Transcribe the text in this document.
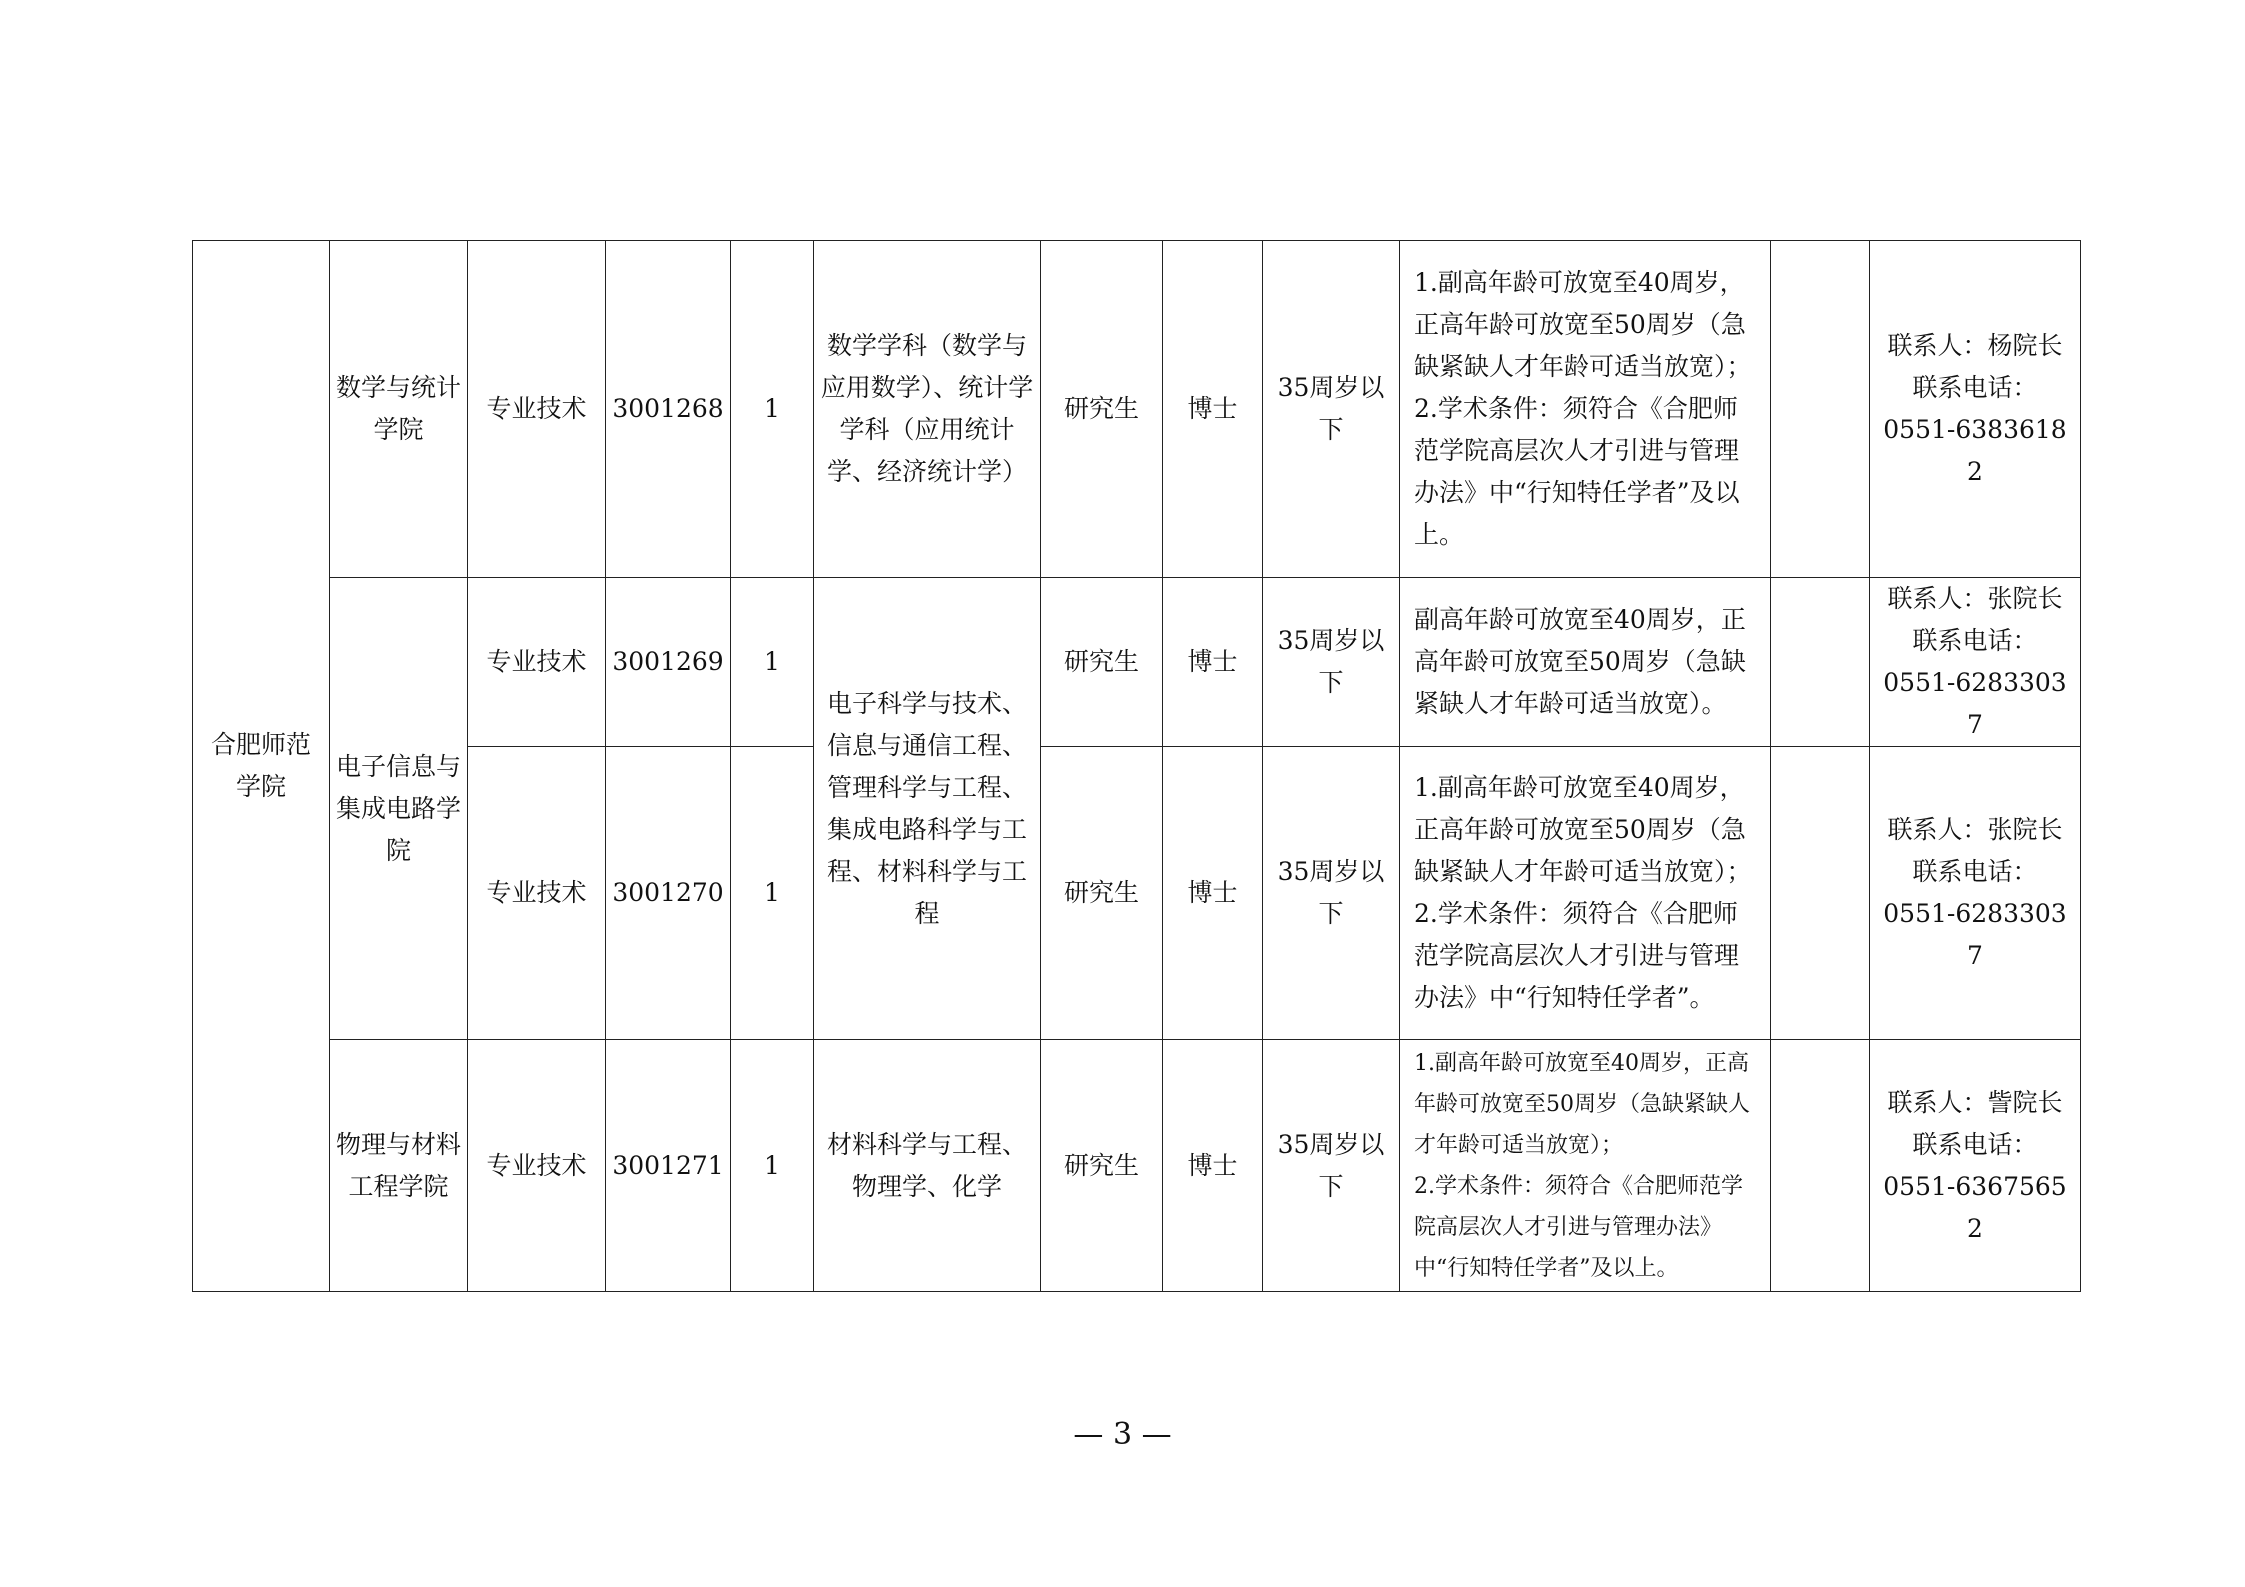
合肥师范学院	数学与统计学院	专业技术	3001268	1	数学学科（数学与应用数学）、统计学学科（应用统计学、经济统计学）	研究生	博士	35周岁以下	1.副高年龄可放宽至40周岁，正高年龄可放宽至50周岁（急缺紧缺人才年龄可适当放宽）；
2.学术条件：须符合《合肥师范学院高层次人才引进与管理办法》中“行知特任学者”及以上。		联系人：杨院长
联系电话：
0551-63836182
	电子信息与集成电路学院	专业技术	3001269	1	电子科学与技术、信息与通信工程、管理科学与工程、集成电路科学与工程、材料科学与工程	研究生	博士	35周岁以下	副高年龄可放宽至40周岁，正高年龄可放宽至50周岁（急缺紧缺人才年龄可适当放宽）。		联系人：张院长
联系电话：
0551-62833037
		专业技术	3001270	1		研究生	博士	35周岁以下	1.副高年龄可放宽至40周岁，正高年龄可放宽至50周岁（急缺紧缺人才年龄可适当放宽）；
2.学术条件：须符合《合肥师范学院高层次人才引进与管理办法》中“行知特任学者”。		联系人：张院长
联系电话：
0551-62833037
	物理与材料工程学院	专业技术	3001271	1	材料科学与工程、物理学、化学	研究生	博士	35周岁以下	1.副高年龄可放宽至40周岁，正高年龄可放宽至50周岁（急缺紧缺人才年龄可适当放宽）；
2.学术条件：须符合《合肥师范学院高层次人才引进与管理办法》中“行知特任学者”及以上。		联系人：訾院长
联系电话：
0551-63675652
— 3 —
